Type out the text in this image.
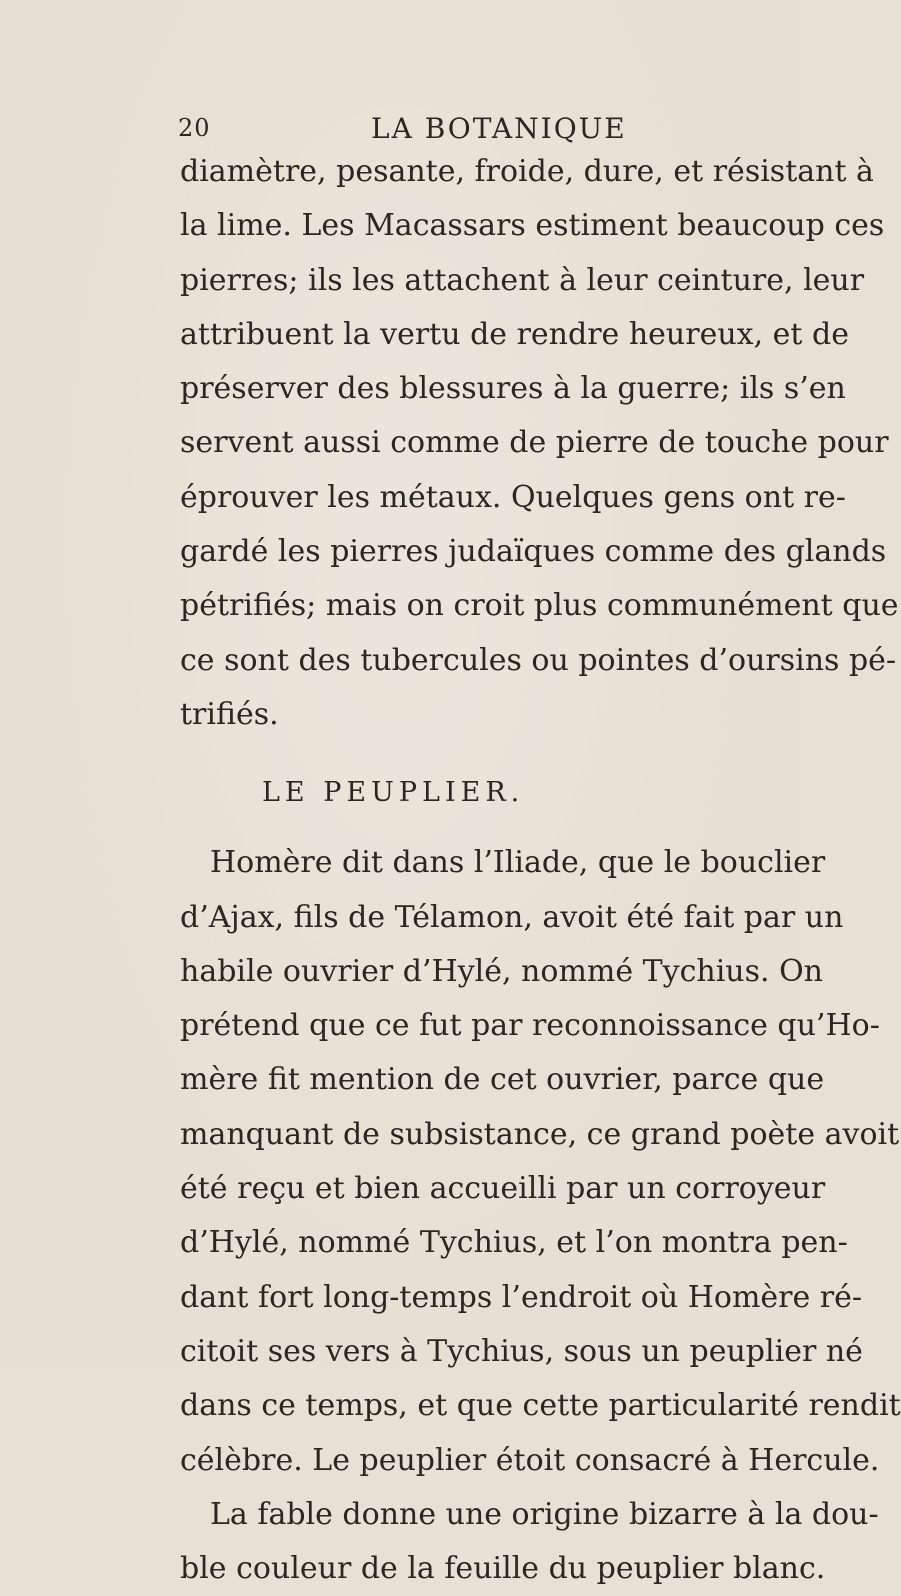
20	LA BOTANIQUE
diamètre, pesante, froide, dure, et résistant à
la lime. Les Macassars estiment beaucoup ces
pierres; ils les attachent à leur ceinture, leur
attribuent la vertu de rendre heureux, et de
préserver des blessures à la guerre; ils s’en
servent aussi comme de pierre de touche pour
éprouver les métaux. Quelques gens ont re-
gardé les pierres judaïques comme des glands
pétrifiés; mais on croit plus communément que
ce sont des tubercules ou pointes d’oursins pé-
trifiés.
LE PEUPLIER.
Homère dit dans l’Iliade, que le bouclier
d’Ajax, fils de Télamon, avoit été fait par un
habile ouvrier d’Hylé, nommé Tychius. On
prétend que ce fut par reconnoissance qu’Ho-
mère fit mention de cet ouvrier, parce que
manquant de subsistance, ce grand poète avoit
été reçu et bien accueilli par un corroyeur
d’Hylé, nommé Tychius, et l’on montra pen-
dant fort long-temps l’endroit où Homère ré-
citoit ses vers à Tychius, sous un peuplier né
dans ce temps, et que cette particularité rendit
célèbre. Le peuplier étoit consacré à Hercule.
La fable donne une origine bizarre à la dou-
ble couleur de la feuille du peuplier blanc.
